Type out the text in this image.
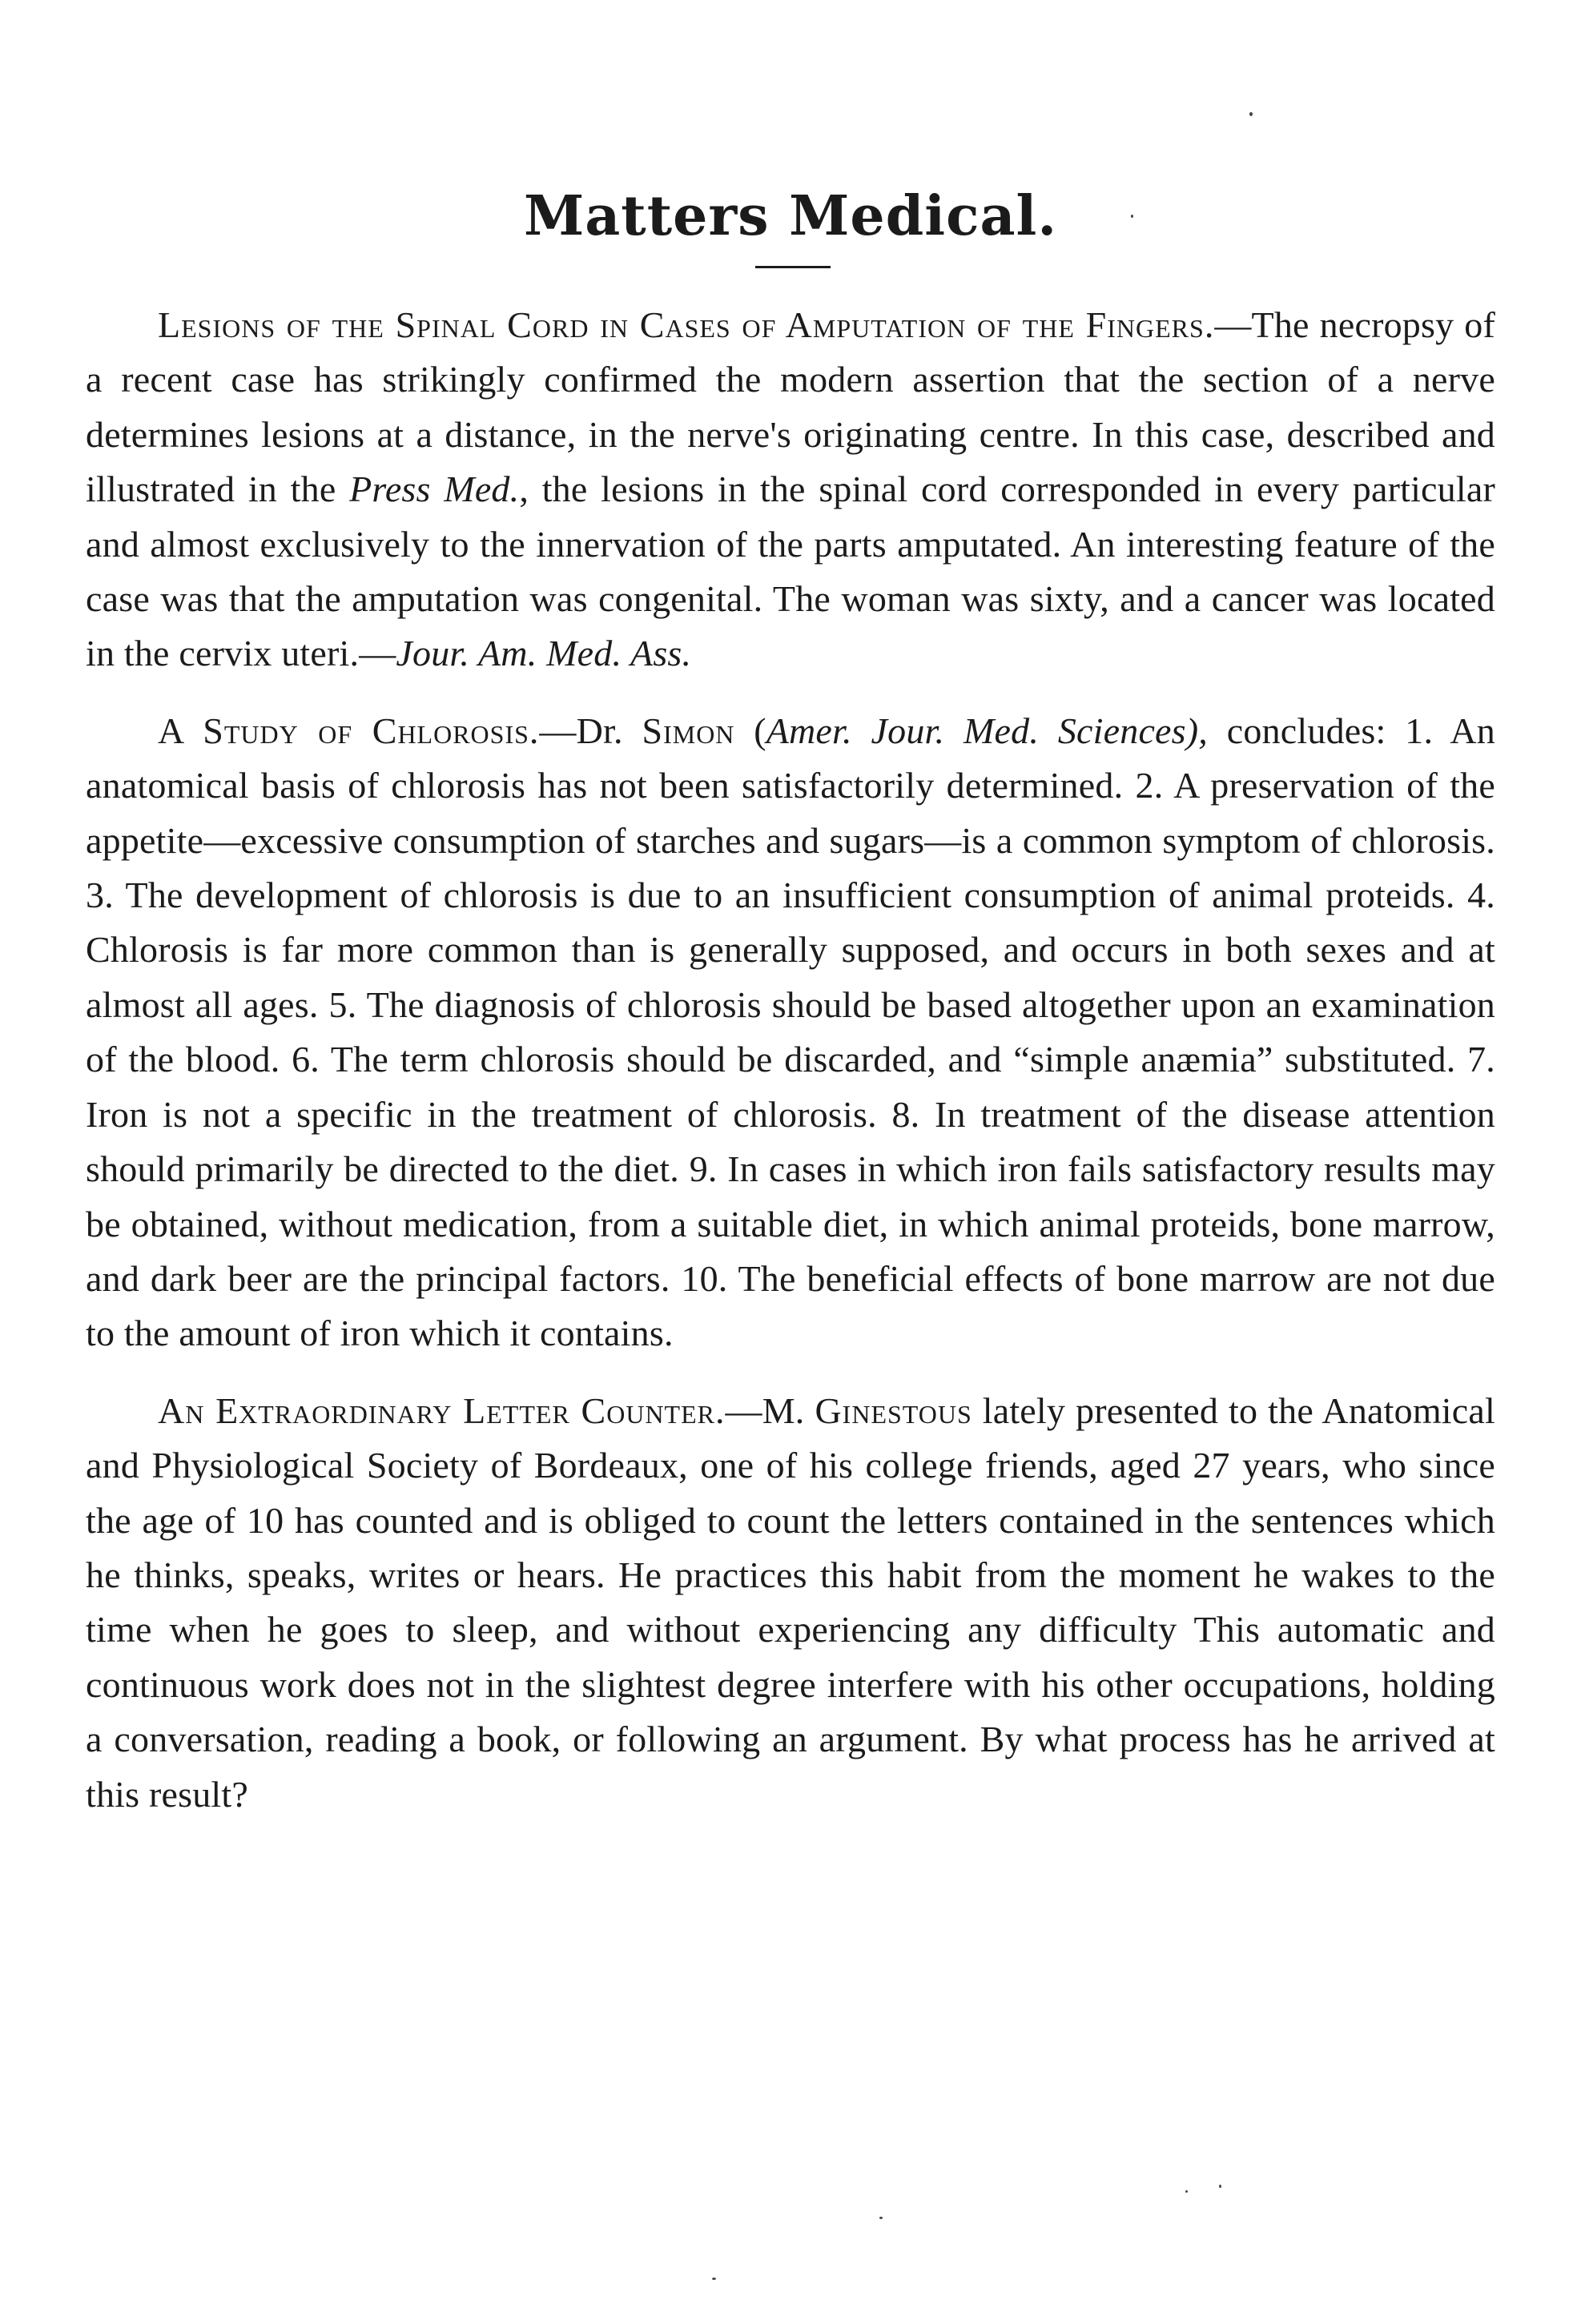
Matters Medical.

Lesions of the Spinal Cord in Cases of Amputation of the Fingers.—The necropsy of a recent case has strikingly confirmed the modern assertion that the section of a nerve determines lesions at a distance, in the nerve's originating centre. In this case, described and illustrated in the Press Med., the lesions in the spinal cord corresponded in every particular and almost exclusively to the innervation of the parts amputated. An interesting feature of the case was that the amputation was congenital. The woman was sixty, and a cancer was located in the cervix uteri.—Jour. Am. Med. Ass.

A Study of Chlorosis.—Dr. Simon (Amer. Jour. Med. Sciences), concludes: 1. An anatomical basis of chlorosis has not been satisfactorily determined. 2. A preservation of the appetite—excessive consumption of starches and sugars—is a common symptom of chlorosis. 3. The development of chlorosis is due to an insufficient consumption of animal proteids. 4. Chlorosis is far more common than is generally supposed, and occurs in both sexes and at almost all ages. 5. The diagnosis of chlorosis should be based altogether upon an examination of the blood. 6. The term chlorosis should be discarded, and “simple anæmia” substituted. 7. Iron is not a specific in the treatment of chlorosis. 8. In treatment of the disease attention should primarily be directed to the diet. 9. In cases in which iron fails satisfactory results may be obtained, without medication, from a suitable diet, in which animal proteids, bone marrow, and dark beer are the principal factors. 10. The beneficial effects of bone marrow are not due to the amount of iron which it contains.

An Extraordinary Letter Counter.—M. Ginestous lately presented to the Anatomical and Physiological Society of Bordeaux, one of his college friends, aged 27 years, who since the age of 10 has counted and is obliged to count the letters contained in the sentences which he thinks, speaks, writes or hears. He practices this habit from the moment he wakes to the time when he goes to sleep, and without experiencing any difficulty This automatic and continuous work does not in the slightest degree interfere with his other occupations, holding a conversation, reading a book, or following an argument. By what process has he arrived at this result?
